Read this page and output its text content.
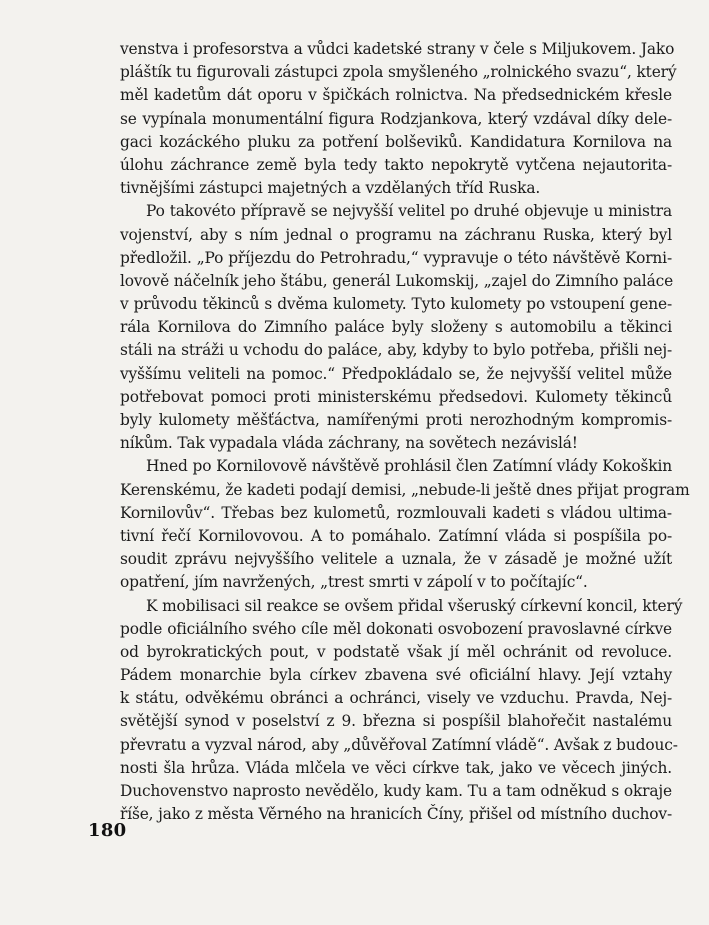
venstva i profesorstva a vůdci kadetské strany v čele s Miljukovem. Jako
pláštík tu figurovali zástupci zpola smyšleného „rolnického svazu“, který
měl kadetům dát oporu v špičkách rolnictva. Na předsednickém křesle
se vypínala monumentální figura Rodzjankova, který vzdával díky dele-
gaci kozáckého pluku za potření bolševiků. Kandidatura Kornilova na
úlohu záchrance země byla tedy takto nepokrytě vytčena nejautorita-
tivnějšími zástupci majetných a vzdělaných tříd Ruska.
Po takovéto přípravě se nejvyšší velitel po druhé objevuje u ministra
vojenství, aby s ním jednal o programu na záchranu Ruska, který byl
předložil. „Po příjezdu do Petrohradu,“ vypravuje o této návštěvě Korni-
lovově náčelník jeho štábu, generál Lukomskij, „zajel do Zimního paláce
v průvodu těkinců s dvěma kulomety. Tyto kulomety po vstoupení gene-
rála Kornilova do Zimního paláce byly složeny s automobilu a těkinci
stáli na stráži u vchodu do paláce, aby, kdyby to bylo potřeba, přišli nej-
vyššímu veliteli na pomoc.“ Předpokládalo se, že nejvyšší velitel může
potřebovat pomoci proti ministerskému předsedovi. Kulomety těkinců
byly kulomety měšťáctva, namířenými proti nerozhodným kompromis-
níkům. Tak vypadala vláda záchrany, na sovětech nezávislá!
Hned po Kornilovově návštěvě prohlásil člen Zatímní vlády Kokoškin
Kerenskému, že kadeti podají demisi, „nebude-li ještě dnes přijat program
Kornilovův“. Třebas bez kulometů, rozmlouvali kadeti s vládou ultima-
tivní řečí Kornilovovou. A to pomáhalo. Zatímní vláda si pospíšila po-
soudit zprávu nejvyššího velitele a uznala, že v zásadě je možné užít
opatření, jím navržených, „trest smrti v zápolí v to počítajíc“.
K mobilisaci sil reakce se ovšem přidal všeruský církevní koncil, který
podle oficiálního svého cíle měl dokonati osvobození pravoslavné církve
od byrokratických pout, v podstatě však jí měl ochránit od revoluce.
Pádem monarchie byla církev zbavena své oficiální hlavy. Její vztahy
k státu, odvěkému obránci a ochránci, visely ve vzduchu. Pravda, Nej-
světější synod v poselství z 9. března si pospíšil blahořečit nastalému
převratu a vyzval národ, aby „důvěřoval Zatímní vládě“. Avšak z budouc-
nosti šla hrůza. Vláda mlčela ve věci církve tak, jako ve věcech jiných.
Duchovenstvo naprosto nevědělo, kudy kam. Tu a tam odněkud s okraje
říše, jako z města Věrného na hranicích Číny, přišel od místního duchov-
180
